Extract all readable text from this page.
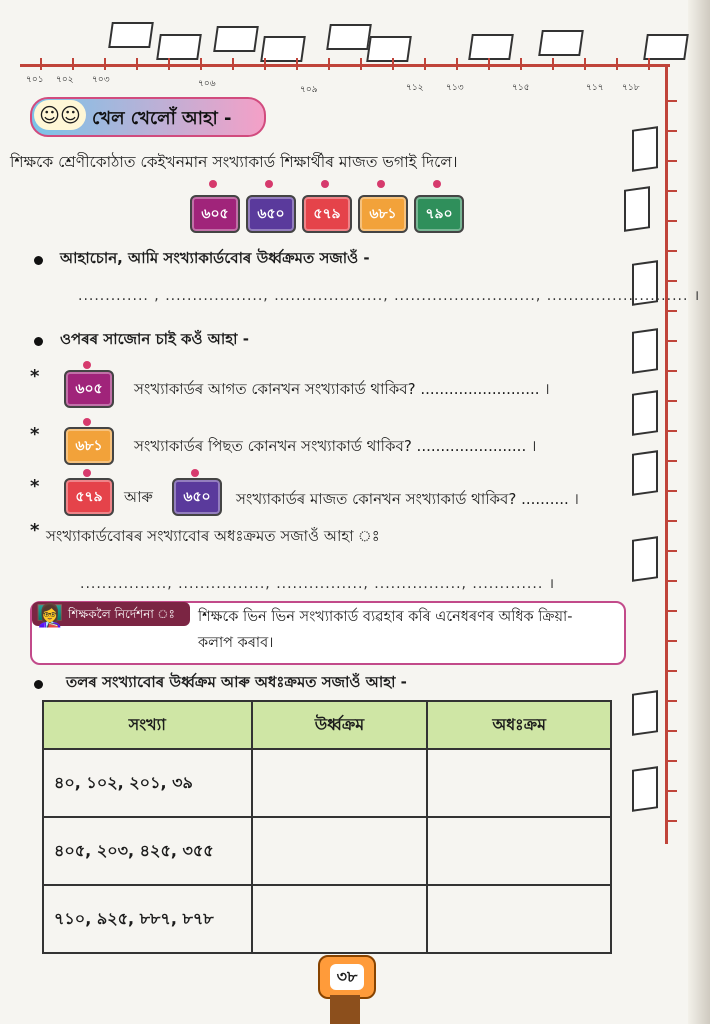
৭০১ ৭০২ ৭০৩	৭০৬
৭০৯	৭১২ ৭১৩	৭১৫	৭১৭ ৭১৮
☺☺ খেল খেলোঁ আহা -
শিক্ষকে শ্ৰেণীকোঠাত কেইখনমান সংখ্যাকাৰ্ড শিক্ষাৰ্থীৰ মাজত ভগাই দিলে।
৬০৫	৬৫০	৫৭৯	৬৮১	৭৯০
আহাচোন, আমি সংখ্যাকাৰ্ডবোৰ উৰ্ধ্বক্ৰমত সজাওঁ -
............. , .................., ...................., .........................., .......................... ।
ওপৰৰ সাজোন চাই কওঁ আহা -
*
৬০৫	সংখ্যাকাৰ্ডৰ আগত কোনখন সংখ্যাকাৰ্ড থাকিব? ......................... ।
*
৬৮১	সংখ্যাকাৰ্ডৰ পিছত কোনখন সংখ্যাকাৰ্ড থাকিব? ....................... ।
*	৫৭৯	আৰু	৬৫০	সংখ্যাকাৰ্ডৰ মাজত কোনখন সংখ্যাকাৰ্ড থাকিব? .......... ।
* সংখ্যাকাৰ্ডবোৰৰ সংখ্যাবোৰ অধঃক্ৰমত সজাওঁ আহা ঃ
................, ................, ................, ................, ............. ।
শিক্ষকলৈ নিৰ্দেশনা ঃ
👩‍🏫	শিক্ষকে ভিন ভিন সংখ্যাকাৰ্ড ব্যৱহাৰ কৰি এনেধৰণৰ অধিক ক্ৰিয়া-
কলাপ কৰাব।
তলৰ সংখ্যাবোৰ উৰ্ধ্বক্ৰম আৰু অধঃক্ৰমত সজাওঁ আহা -
সংখ্যা	উৰ্ধ্বক্ৰম	অধঃক্ৰম
৪০, ১০২, ২০১, ৩৯		
৪০৫, ২০৩, ৪২৫, ৩৫৫		
৭১০, ৯২৫, ৮৮৭, ৮৭৮		
৩৮
